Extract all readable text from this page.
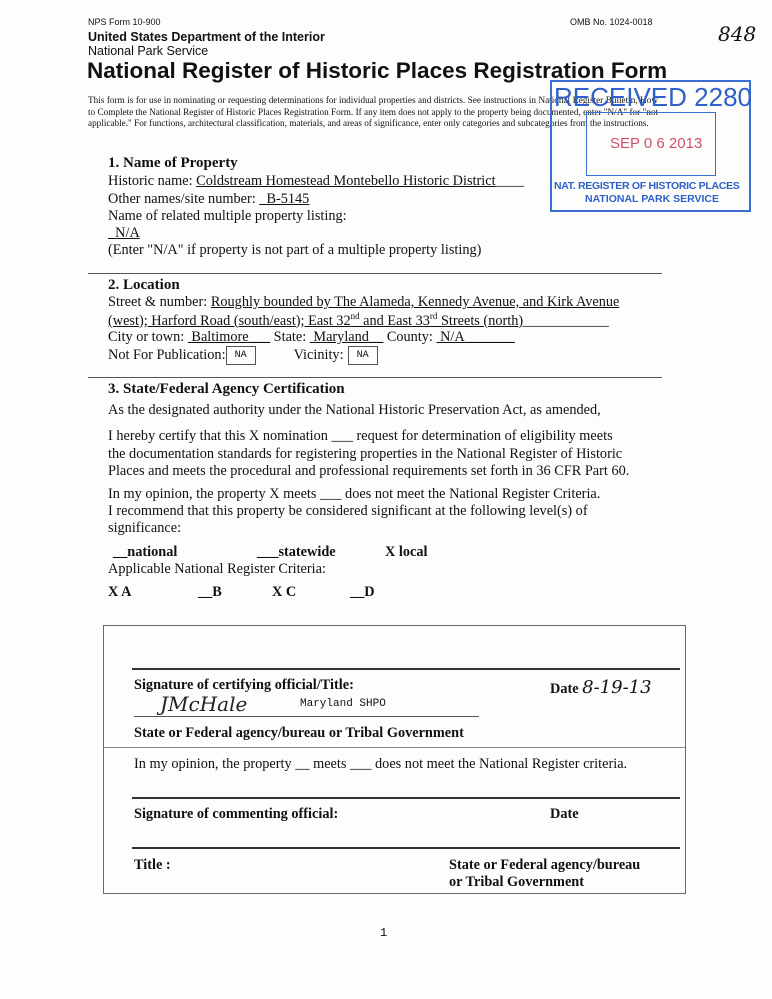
NPS Form 10-900	OMB No. 1024-0018	848
United States Department of the Interior
National Park Service
National Register of Historic Places Registration Form
This form is for use in nominating or requesting determinations for individual properties and districts. See instructions in National Register Bulletin, How to Complete the National Register of Historic Places Registration Form. If any item does not apply to the property being documented, enter "N/A" for "not applicable." For functions, architectural classification, materials, and areas of significance, enter only categories and subcategories from the instructions.
RECEIVED 2280
SEP 0 6 2013
NAT. REGISTER OF HISTORIC PLACES
NATIONAL PARK SERVICE
1. Name of Property
Historic name: Coldstream Homestead Montebello Historic District____
Other names/site number: B-5145
Name of related multiple property listing:
N/A
(Enter "N/A" if property is not part of a multiple property listing)
2. Location
Street & number: Roughly bounded by The Alameda, Kennedy Avenue, and Kirk Avenue
(west); Harford Road (south/east); East 32nd and East 33rd Streets (north)____________
City or town: Baltimore___ State: Maryland__ County: N/A_______
Not For Publication: NA	Vicinity: NA
3. State/Federal Agency Certification
As the designated authority under the National Historic Preservation Act, as amended,
I hereby certify that this X nomination ___ request for determination of eligibility meets
the documentation standards for registering properties in the National Register of Historic
Places and meets the procedural and professional requirements set forth in 36 CFR Part 60.
In my opinion, the property X meets ___ does not meet the National Register Criteria.
I recommend that this property be considered significant at the following level(s) of
significance:
__national	___statewide	X local
Applicable National Register Criteria:
X A	__B	X C	__D
Signature of certifying official/Title:	Date 8-19-13
JMcHale	Maryland SHPO
State or Federal agency/bureau or Tribal Government
In my opinion, the property __ meets ___ does not meet the National Register criteria.
Signature of commenting official:	Date
Title :	State or Federal agency/bureau
or Tribal Government
1
